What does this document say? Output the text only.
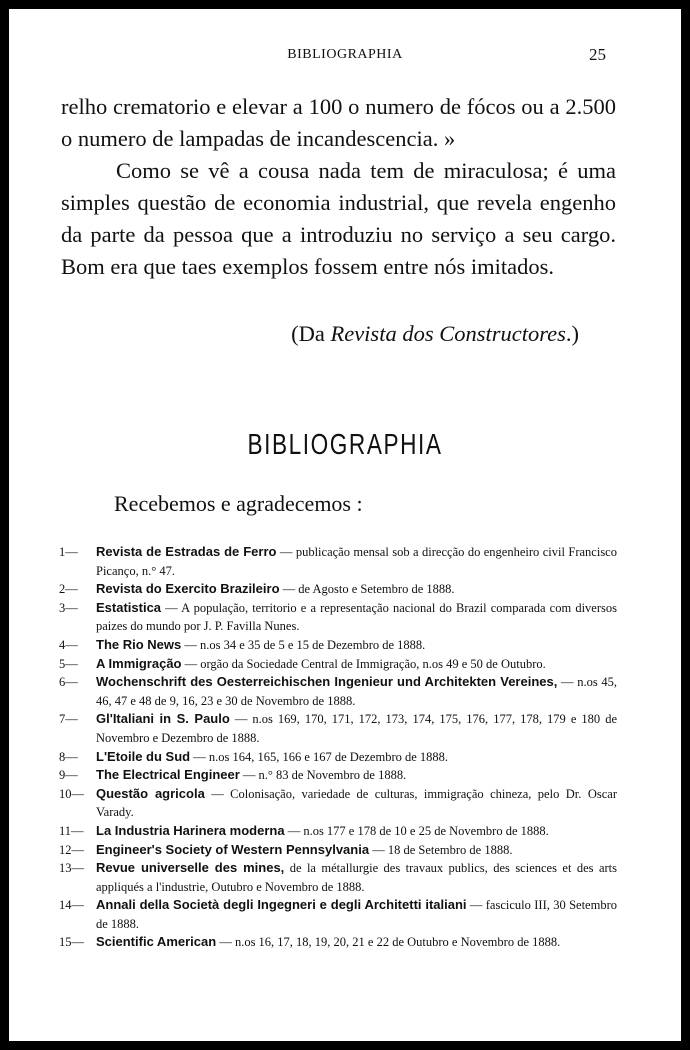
BIBLIOGRAPHIA	25

relho crematorio e elevar a 100 o numero de fócos ou a 2.500 o numero de lampadas de incandescencia. »

Como se vê a cousa nada tem de miraculosa; é uma simples questão de economia industrial, que revela engenho da parte da pessoa que a introduziu no serviço a seu cargo. Bom era que taes exemplos fossem entre nós imitados.

(Da Revista dos Constructores.)
BIBLIOGRAPHIA
Recebemos e agradecemos :
1— Revista de Estradas de Ferro — publicação mensal sob a direcção do engenheiro civil Francisco Picanço, n.° 47.
2— Revista do Exercito Brazileiro — de Agosto e Setembro de 1888.
3— Estatistica — A população, territorio e a representação nacional do Brazil comparada com diversos paizes do mundo por J. P. Favilla Nunes.
4— The Rio News — n.os 34 e 35 de 5 e 15 de Dezembro de 1888.
5— A Immigração — orgão da Sociedade Central de Immigração, n.os 49 e 50 de Outubro.
6— Wochenschrift des Oesterreichischen Ingenieur und Architekten Vereines, — n.os 45, 46, 47 e 48 de 9, 16, 23 e 30 de Novembro de 1888.
7— Gl'Italiani in S. Paulo — n.os 169, 170, 171, 172, 173, 174, 175, 176, 177, 178, 179 e 180 de Novembro e Dezembro de 1888.
8— L'Etoile du Sud — n.os 164, 165, 166 e 167 de Dezembro de 1888.
9— The Electrical Engineer — n.° 83 de Novembro de 1888.
10— Questão agricola — Colonisação, variedade de culturas, immigração chineza, pelo Dr. Oscar Varady.
11— La Industria Harinera moderna — n.os 177 e 178 de 10 e 25 de Novembro de 1888.
12— Engineer's Society of Western Pennsylvania — 18 de Setembro de 1888.
13— Revue universelle des mines, de la métallurgie des travaux publics, des sciences et des arts appliqués a l'industrie, Outubro e Novembro de 1888.
14— Annali della Società degli Ingegneri e degli Architetti italiani — fasciculo III, 30 Setembro de 1888.
15— Scientific American — n.os 16, 17, 18, 19, 20, 21 e 22 de Outubro e Novembro de 1888.
